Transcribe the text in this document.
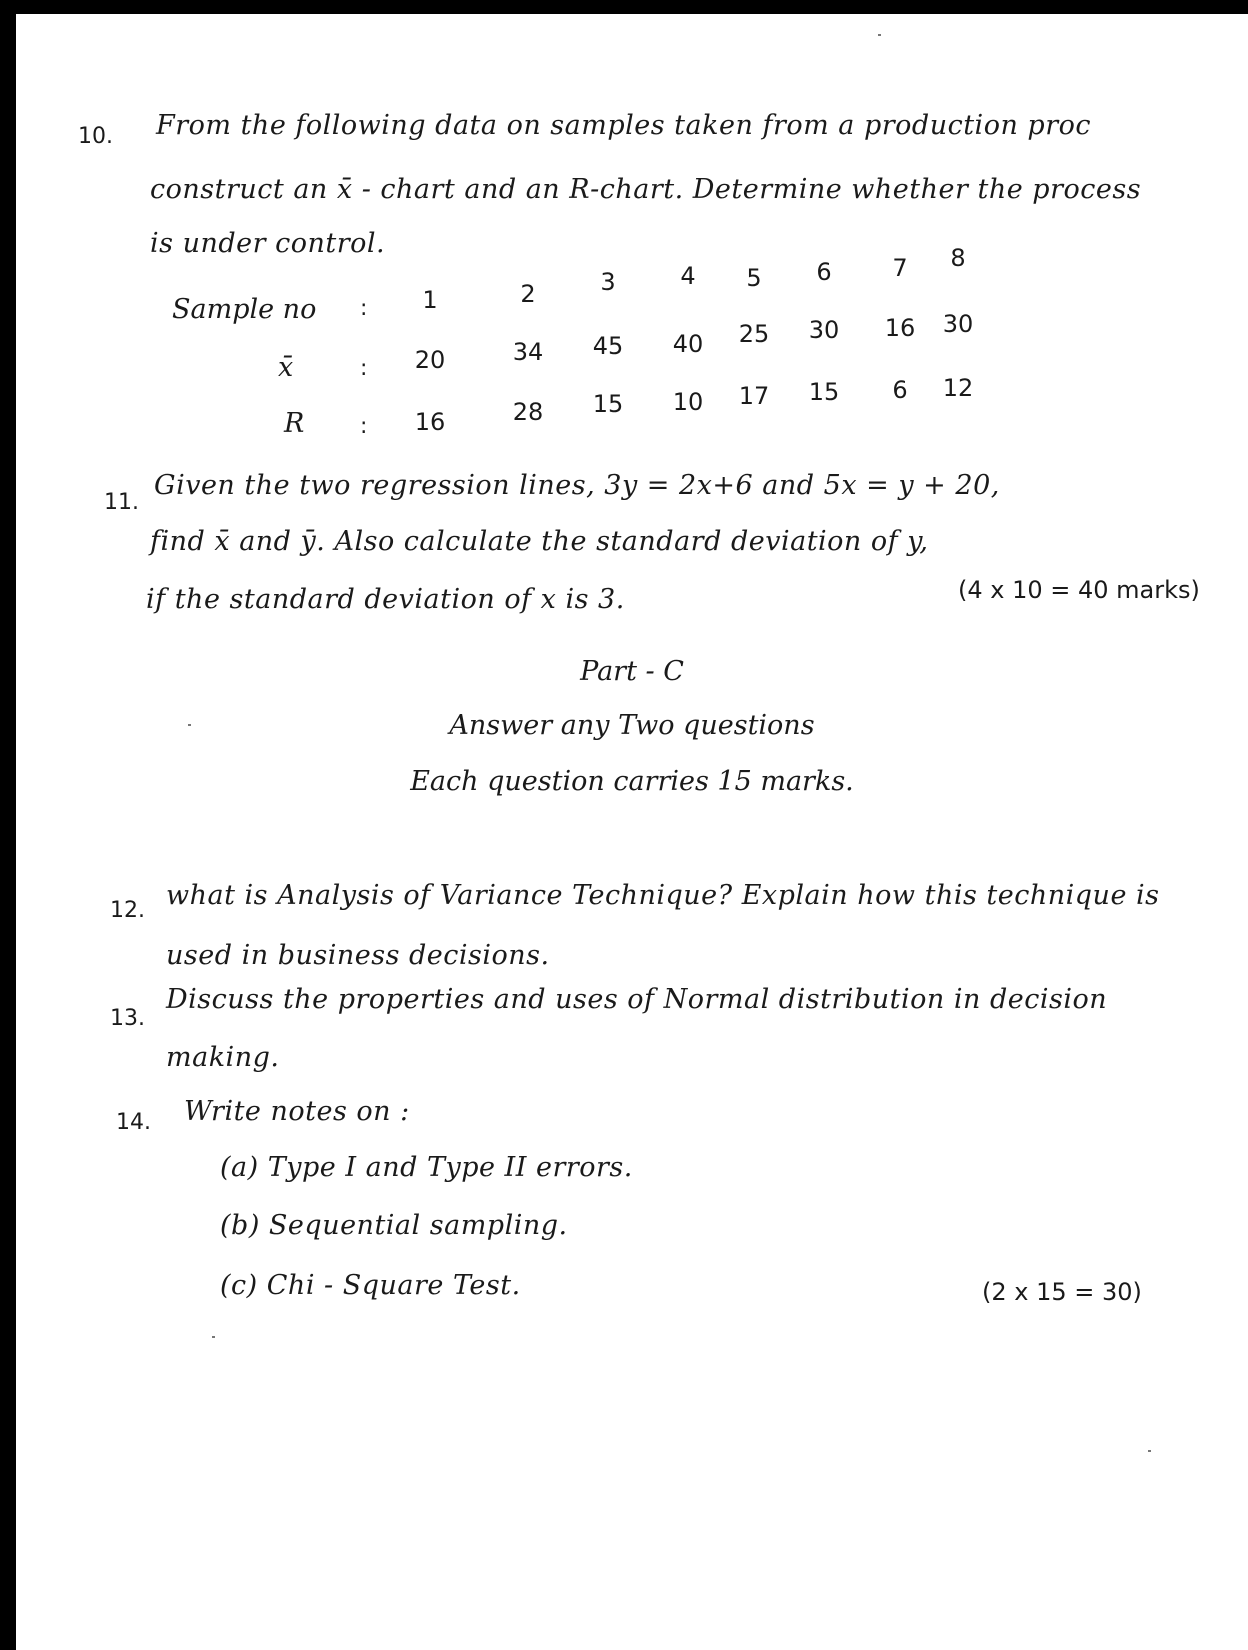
10. From the following data on samples taken from a production proc
construct an x̄ - chart and an R-chart. Determine whether the process
is under control.
Sample no :	1	2	3	4	5	6	7	8
x̄	:	20	34	45	40	25	30	16	30
R	:	16	28	15	10	17	15	6	12
11.
Given the two regression lines, 3y = 2x+6 and 5x = y + 20,
find x̄ and ȳ. Also calculate the standard deviation of y,
if the standard deviation of x is 3.	(4 x 10 = 40 marks)
Part - C
Answer any Two questions
Each question carries 15 marks.
12. what is Analysis of Variance Technique? Explain how this technique is
used in business decisions.
13.
Discuss the properties and uses of Normal distribution in decision
making.
14. Write notes on :
(a) Type I and Type II errors.
(b) Sequential sampling.
(c) Chi - Square Test.	(2 x 15 = 30)
